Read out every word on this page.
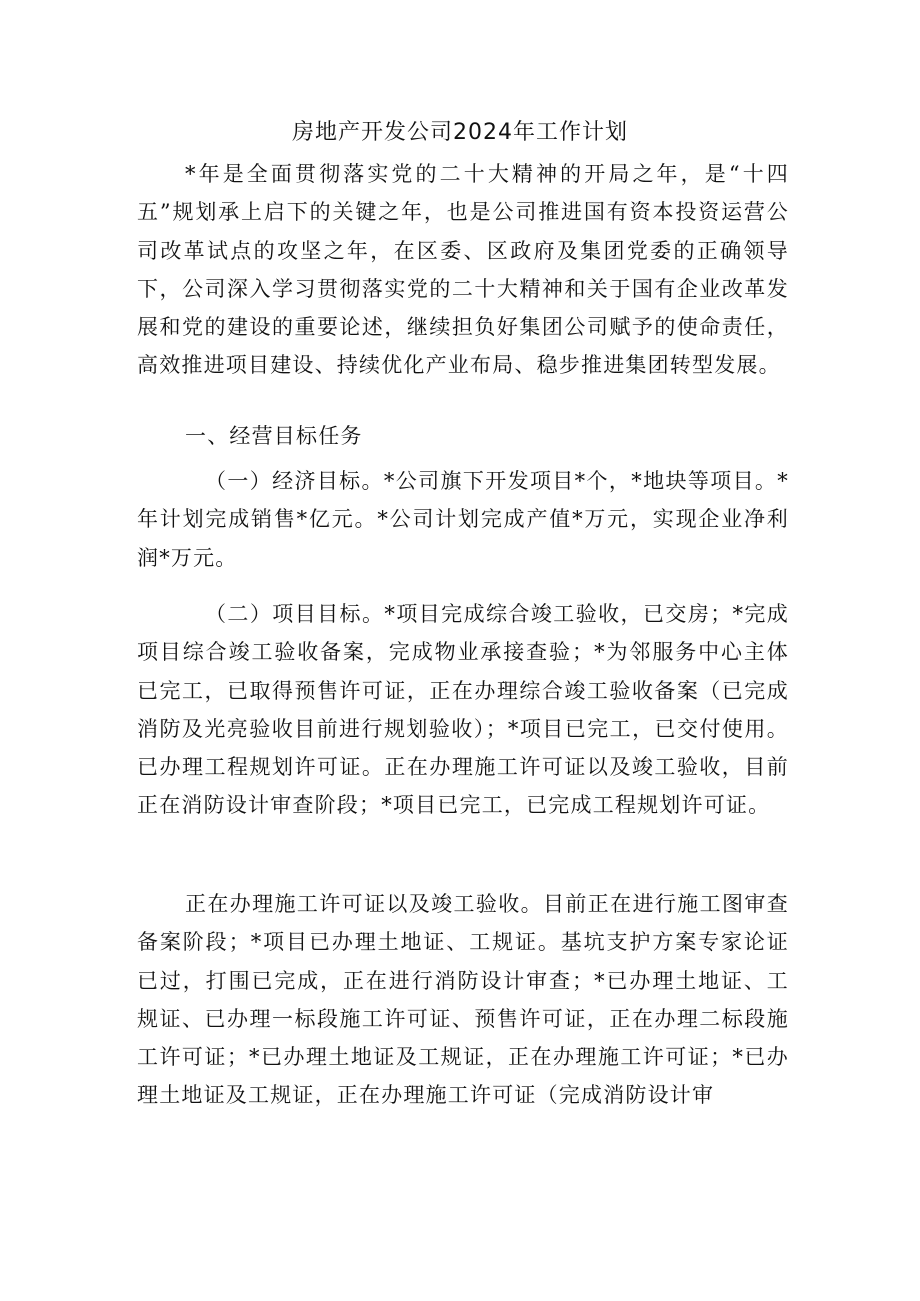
房地产开发公司2024年工作计划

*年是全面贯彻落实党的二十大精神的开局之年，是“十四五”规划承上启下的关键之年，也是公司推进国有资本投资运营公司改革试点的攻坚之年，在区委、区政府及集团党委的正确领导下，公司深入学习贯彻落实党的二十大精神和关于国有企业改革发展和党的建设的重要论述，继续担负好集团公司赋予的使命责任，高效推进项目建设、持续优化产业布局、稳步推进集团转型发展。

一、经营目标任务

（一）经济目标。*公司旗下开发项目*个，*地块等项目。*年计划完成销售*亿元。*公司计划完成产值*万元，实现企业净利润*万元。

（二）项目目标。*项目完成综合竣工验收，已交房；*完成项目综合竣工验收备案，完成物业承接查验；*为邻服务中心主体已完工，已取得预售许可证，正在办理综合竣工验收备案（已完成消防及光亮验收目前进行规划验收）；*项目已完工，已交付使用。已办理工程规划许可证。正在办理施工许可证以及竣工验收，目前正在消防设计审查阶段；*项目已完工，已完成工程规划许可证。

正在办理施工许可证以及竣工验收。目前正在进行施工图审查备案阶段；*项目已办理土地证、工规证。基坑支护方案专家论证已过，打围已完成，正在进行消防设计审查；*已办理土地证、工规证、已办理一标段施工许可证、预售许可证，正在办理二标段施工许可证；*已办理土地证及工规证，正在办理施工许可证；*已办理土地证及工规证，正在办理施工许可证（完成消防设计审
